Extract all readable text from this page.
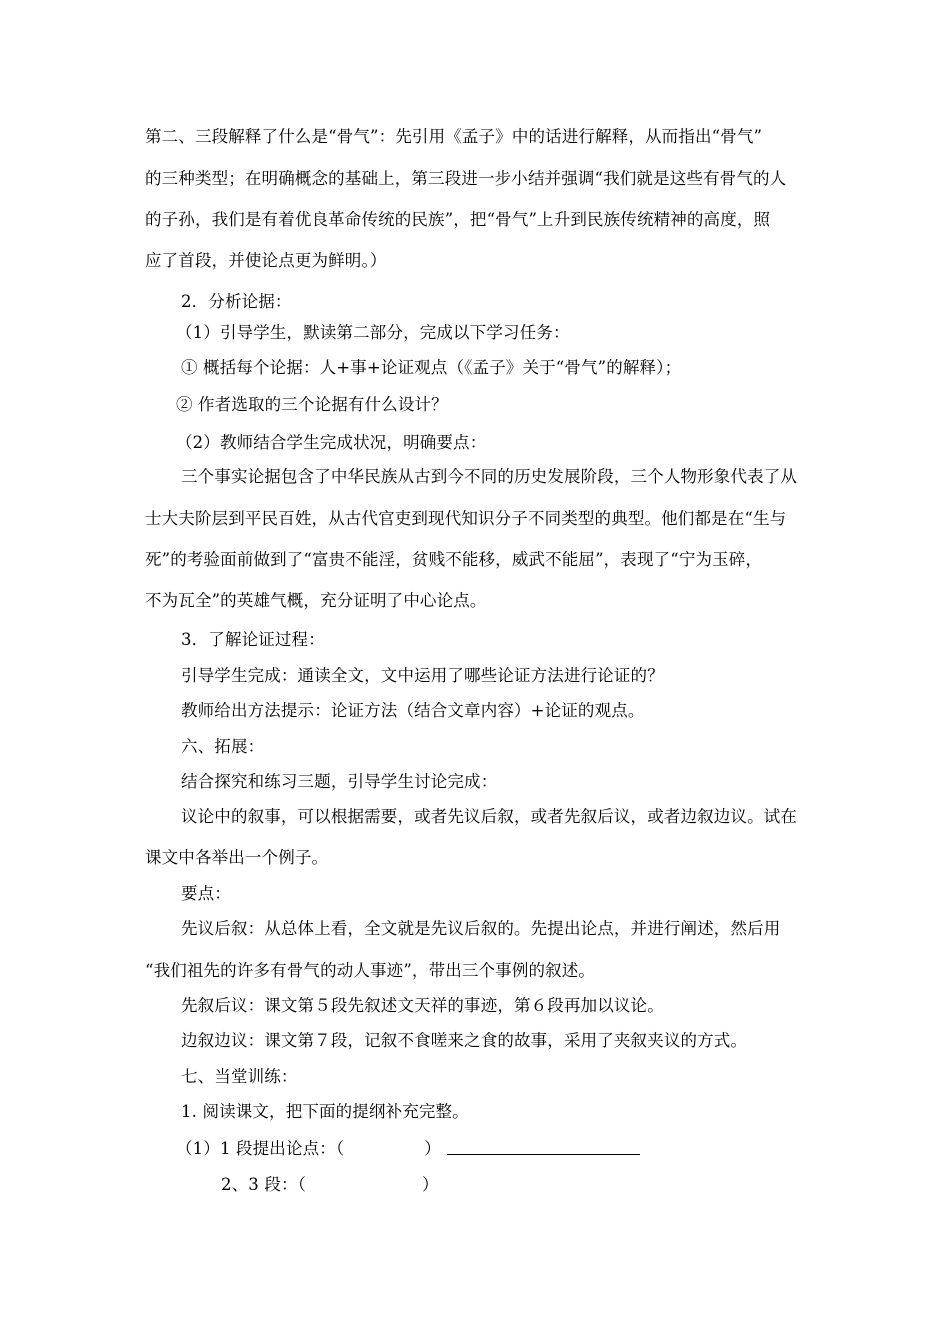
第二、三段解释了什么是“骨气”：先引用《孟子》中的话进行解释，从而指出“骨气”
的三种类型；在明确概念的基础上，第三段进一步小结并强调“我们就是这些有骨气的人
的子孙，我们是有着优良革命传统的民族”，把“骨气”上升到民族传统精神的高度，照
应了首段，并使论点更为鲜明。）
2．分析论据：
（1）引导学生，默读第二部分，完成以下学习任务：
① 概括每个论据：人+事+论证观点（《孟子》关于“骨气”的解释）；
② 作者选取的三个论据有什么设计？
（2）教师结合学生完成状况，明确要点：
三个事实论据包含了中华民族从古到今不同的历史发展阶段，三个人物形象代表了从
士大夫阶层到平民百姓，从古代官吏到现代知识分子不同类型的典型。他们都是在“生与
死”的考验面前做到了“富贵不能淫，贫贱不能移，威武不能屈”，表现了“宁为玉碎，
不为瓦全”的英雄气概，充分证明了中心论点。
3．了解论证过程：
引导学生完成：通读全文，文中运用了哪些论证方法进行论证的？
教师给出方法提示：论证方法（结合文章内容）+论证的观点。
六、拓展：
结合探究和练习三题，引导学生讨论完成：
议论中的叙事，可以根据需要，或者先议后叙，或者先叙后议，或者边叙边议。试在
课文中各举出一个例子。
要点：
先议后叙：从总体上看，全文就是先议后叙的。先提出论点，并进行阐述，然后用
“我们祖先的许多有骨气的动人事迹”，带出三个事例的叙述。
先叙后议：课文第５段先叙述文天祥的事迹，第６段再加以议论。
边叙边议：课文第７段，记叙不食嗟来之食的故事，采用了夹叙夹议的方式。
七、当堂训练：
1. 阅读课文，把下面的提纲补充完整。
（1）1 段提出论点：（	）
2、3 段：（	）
